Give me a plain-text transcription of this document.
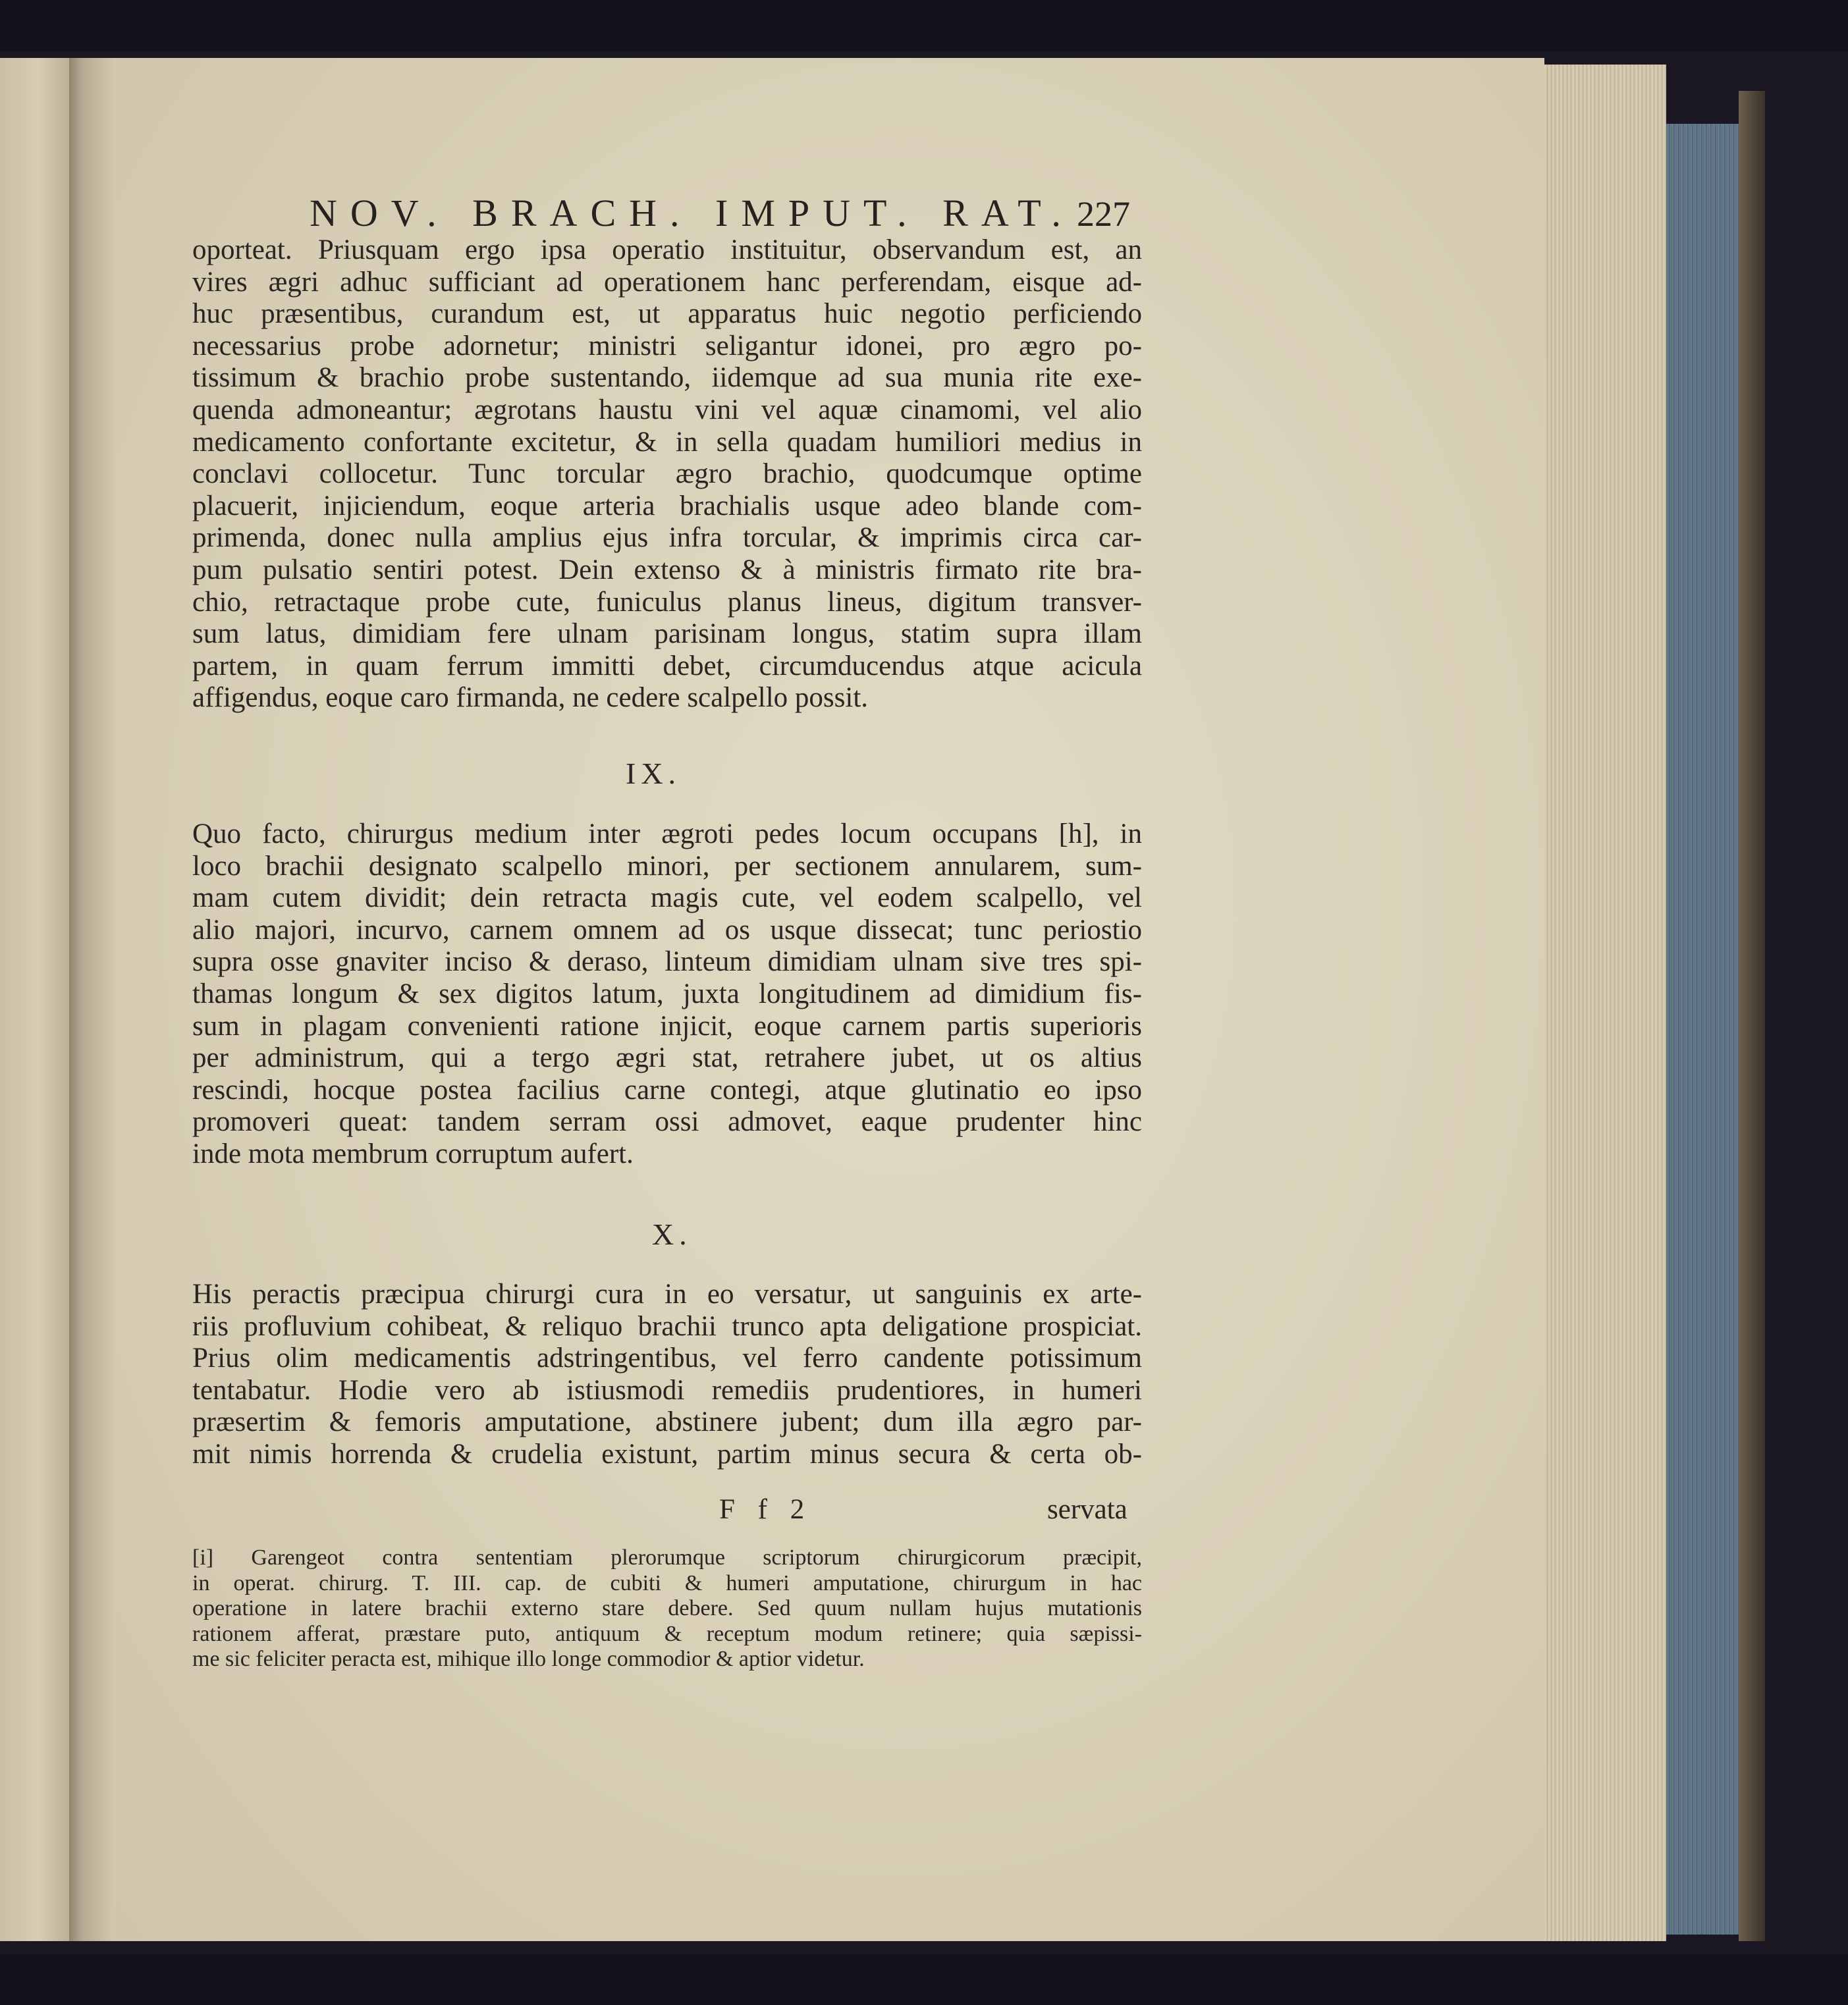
NOV. BRACH. IMPUT. RAT. 227
oporteat. Priusquam ergo ipsa operatio instituitur, observandum est, an
vires ægri adhuc sufficiant ad operationem hanc perferendam, eisque ad-
huc præsentibus, curandum est, ut apparatus huic negotio perficiendo
necessarius probe adornetur; ministri seligantur idonei, pro ægro po-
tissimum & brachio probe sustentando, iidemque ad sua munia rite exe-
quenda admoneantur; ægrotans haustu vini vel aquæ cinamomi, vel alio
medicamento confortante excitetur, & in sella quadam humiliori medius in
conclavi collocetur. Tunc torcular ægro brachio, quodcumque optime
placuerit, injiciendum, eoque arteria brachialis usque adeo blande com-
primenda, donec nulla amplius ejus infra torcular, & imprimis circa car-
pum pulsatio sentiri potest. Dein extenso & à ministris firmato rite bra-
chio, retractaque probe cute, funiculus planus lineus, digitum transver-
sum latus, dimidiam fere ulnam parisinam longus, statim supra illam
partem, in quam ferrum immitti debet, circumducendus atque acicula
affigendus, eoque caro firmanda, ne cedere scalpello possit.
IX.
Quo facto, chirurgus medium inter ægroti pedes locum occupans [h], in
loco brachii designato scalpello minori, per sectionem annularem, sum-
mam cutem dividit; dein retracta magis cute, vel eodem scalpello, vel
alio majori, incurvo, carnem omnem ad os usque dissecat; tunc periostio
supra osse gnaviter inciso & deraso, linteum dimidiam ulnam sive tres spi-
thamas longum & sex digitos latum, juxta longitudinem ad dimidium fis-
sum in plagam convenienti ratione injicit, eoque carnem partis superioris
per administrum, qui a tergo ægri stat, retrahere jubet, ut os altius
rescindi, hocque postea facilius carne contegi, atque glutinatio eo ipso
promoveri queat: tandem serram ossi admovet, eaque prudenter hinc
inde mota membrum corruptum aufert.
X.
His peractis præcipua chirurgi cura in eo versatur, ut sanguinis ex arte-
riis profluvium cohibeat, & reliquo brachii trunco apta deligatione prospiciat.
Prius olim medicamentis adstringentibus, vel ferro candente potissimum
tentabatur. Hodie vero ab istiusmodi remediis prudentiores, in humeri
præsertim & femoris amputatione, abstinere jubent; dum illa ægro par-
mit nimis horrenda & crudelia existunt, partim minus secura & certa ob-
F f 2	servata
[i] Garengeot contra sententiam plerorumque scriptorum chirurgicorum præcipit,
in operat. chirurg. T. III. cap. de cubiti & humeri amputatione, chirurgum in hac
operatione in latere brachii externo stare debere. Sed quum nullam hujus mutationis
rationem afferat, præstare puto, antiquum & receptum modum retinere; quia sæpissi-
me sic feliciter peracta est, mihique illo longe commodior & aptior videtur.
